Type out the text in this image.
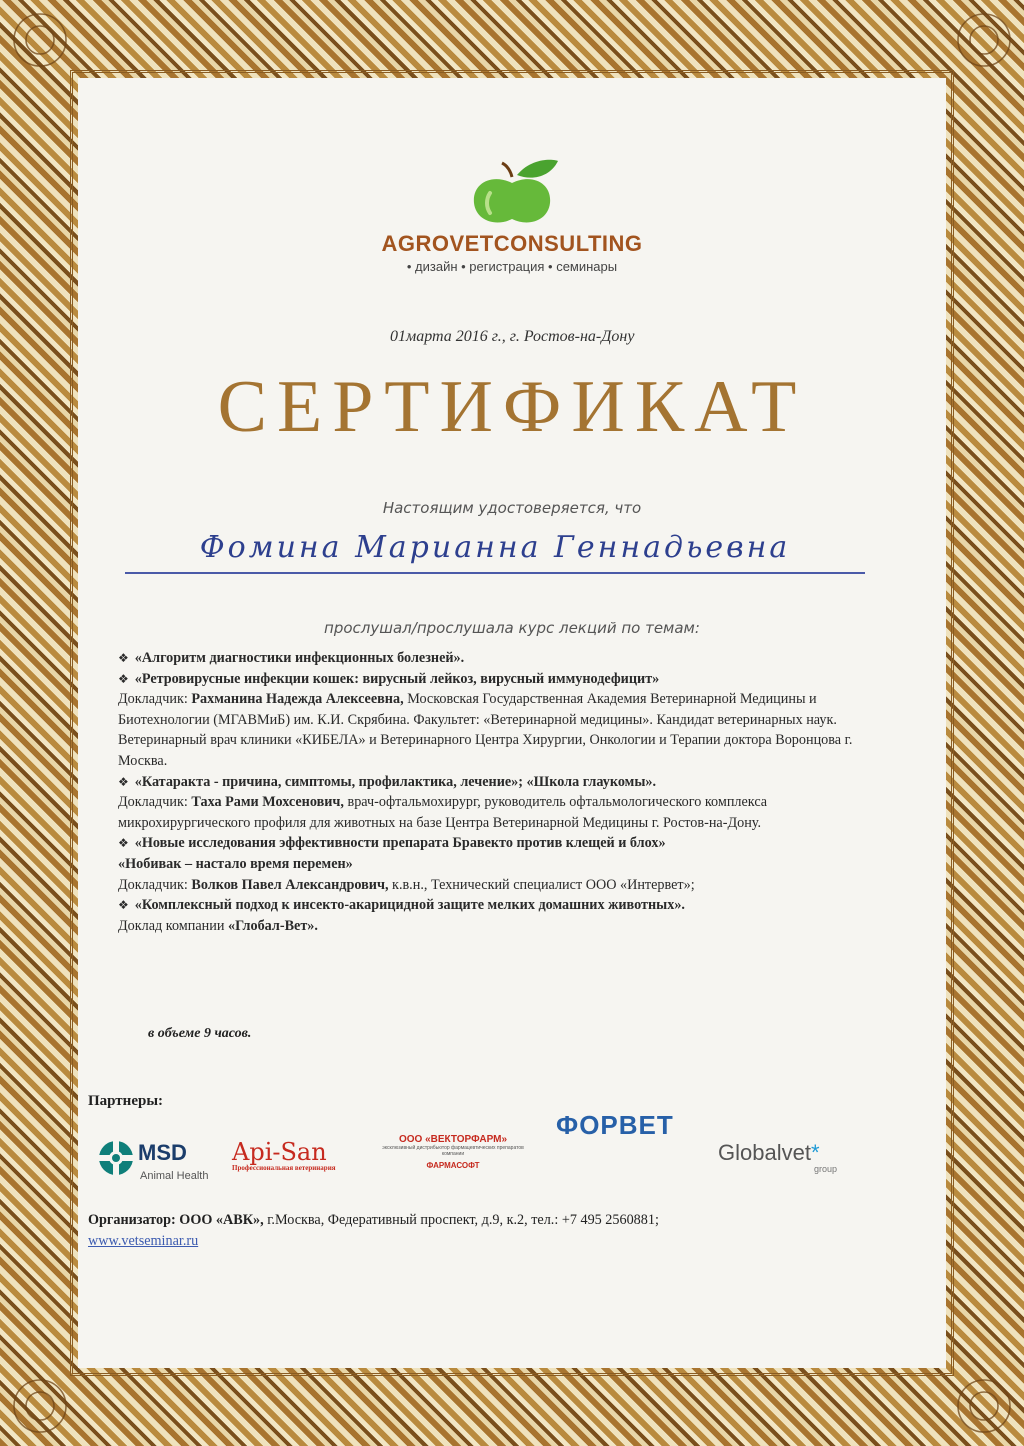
AGROVETCONSULTING
• дизайн • регистрация • семинары
01марта 2016 г., г. Ростов-на-Дону
СЕРТИФИКАТ
Настоящим удостоверяется, что
Фомина Марианна Геннадьевна
прослушал/прослушала курс лекций по темам:

❖ «Алгоритм диагностики инфекционных болезней».

❖ «Ретровирусные инфекции кошек: вирусный лейкоз, вирусный иммунодефицит»
Докладчик: Рахманина Надежда Алексеевна, Московская Государственная Академия Ветеринарной Медицины и Биотехнологии (МГАВМиБ) им. К.И. Скрябина. Факультет: «Ветеринарной медицины». Кандидат ветеринарных наук. Ветеринарный врач клиники «КИБЕЛА» и Ветеринарного Центра Хирургии, Онкологии и Терапии доктора Воронцова г. Москва.

❖ «Катаракта - причина, симптомы, профилактика, лечение»; «Школа глаукомы».
Докладчик: Таха Рами Мохсенович, врач-офтальмохирург, руководитель офтальмологического комплекса микрохирургического профиля для животных на базе Центра Ветеринарной Медицины г. Ростов-на-Дону.

❖ «Новые исследования эффективности препарата Бравекто против клещей и блох»
«Нобивак – настало время перемен»
Докладчик: Волков Павел Александрович, к.в.н., Технический специалист ООО «Интервет»;

❖ «Комплексный подход к инсекто-акарицидной защите мелких домашних животных».
Доклад компании «Глобал-Вет».

в объеме 9 часов.
Партнеры:
MSD
Animal Health
Api-San
Профессиональная ветеринария
ООО «ВЕКТОРФАРМ»
эксклюзивный дистрибьютор фармацевтических препаратов компании
ФАРМАСОФТ
ФОРВЕТ
Globalvet*
group
Организатор: ООО «АВК», г.Москва, Федеративный проспект, д.9, к.2, тел.: +7 495 2560881;
www.vetseminar.ru
